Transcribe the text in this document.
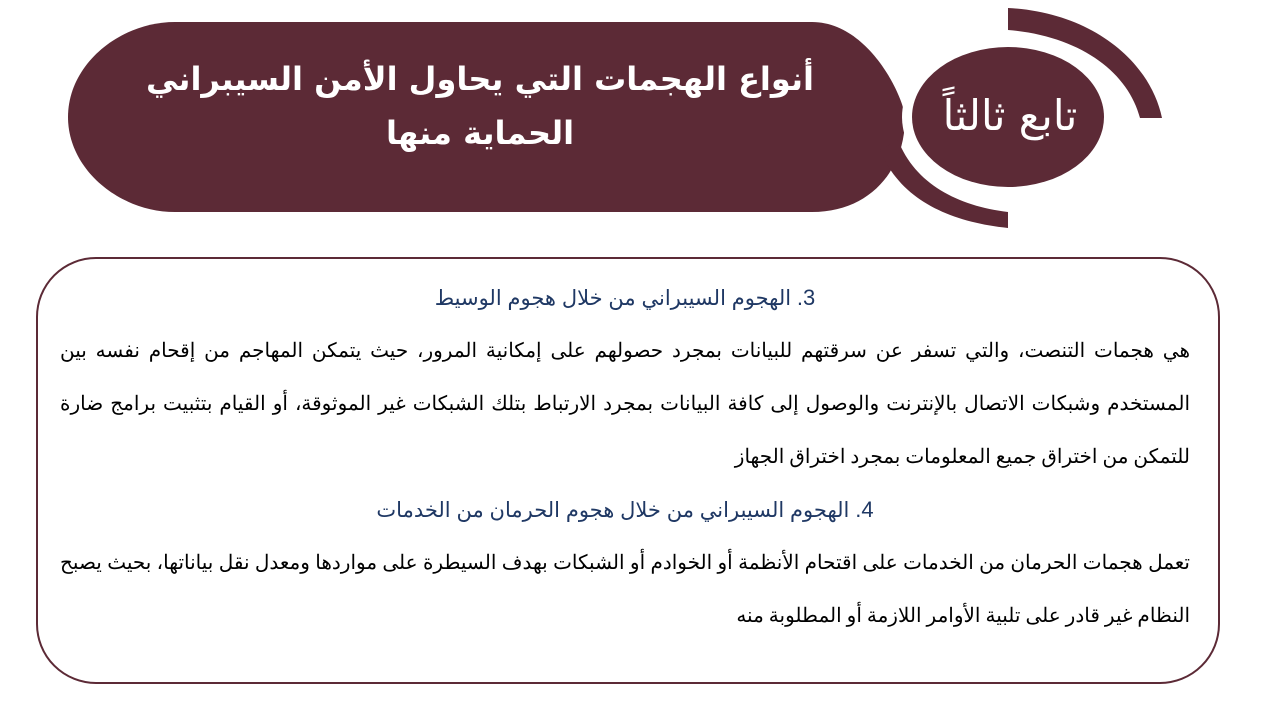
أنواع الهجمات التي يحاول الأمن السيبراني الحماية منها	تابع ثالثاً
3. الهجوم السيبراني من خلال هجوم الوسيط

هي هجمات التنصت، والتي تسفر عن سرقتهم للبيانات بمجرد حصولهم على إمكانية المرور، حيث يتمكن المهاجم من إقحام نفسه بين المستخدم وشبكات الاتصال بالإنترنت والوصول إلى كافة البيانات بمجرد الارتباط بتلك الشبكات غير الموثوقة، أو القيام بتثبيت برامج ضارة للتمكن من اختراق جميع المعلومات بمجرد اختراق الجهاز

4. الهجوم السيبراني من خلال هجوم الحرمان من الخدمات

تعمل هجمات الحرمان من الخدمات على اقتحام الأنظمة أو الخوادم أو الشبكات بهدف السيطرة على مواردها ومعدل نقل بياناتها، بحيث يصبح النظام غير قادر على تلبية الأوامر اللازمة أو المطلوبة منه
